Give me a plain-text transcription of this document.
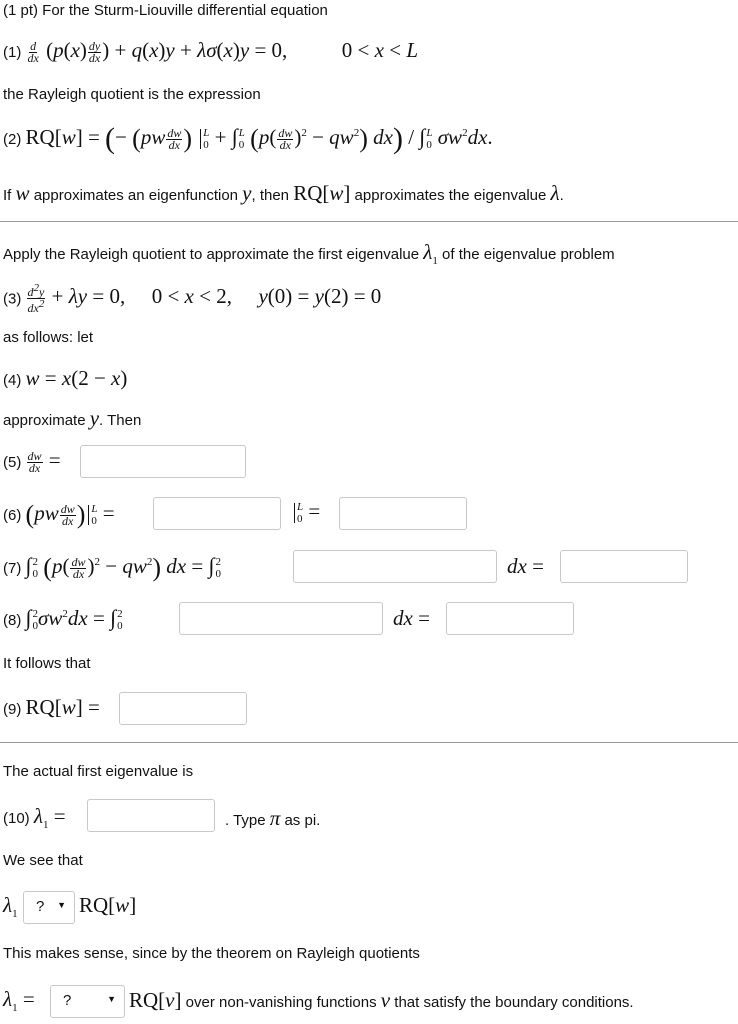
(1 pt) For the Sturm-Liouville differential equation
$(1) \frac{d}{dx} (p(x) \frac{dy}{dx}$ ) + q(x)y + λσ(x)y = 0,	0 < x < L
the Rayleigh quotient is the expression
(2) RQ[w] = (− ($pw \frac{dw}{dx}$ ) L
0 + ∫ L
0 $(p( \frac{dw}{dx} )^2 - qw^2)$ dx) / ∫ L
0 $\sigma w^2dx$.
If w approximates an eigenfunction y, then RQ[w] approximates the eigenvalue λ.
Apply the Rayleigh quotient to approximate the first eigenvalue $\lambda_1$ of the eigenvalue problem
$(3) \frac{d^2y}{dx^2} + \lambda y = 0$, 0 < x < 2, y(0) = y(2) = 0
as follows: let
(4) w = x(2 − x)
approximate y. Then
$(5) \frac{dw}{dx}$ =
(6) ($pw \frac{dw}{dx}$ ) L
0 =	L
0 =
(7) ∫ 2
0 $(p( \frac{dw}{dx} )^2 - qw^2)$ dx = ∫ 2
0	dx =
(8) ∫ 2
0 $\sigma w^2dx$ = ∫ 2
0	dx =
It follows that
(9) RQ[w] =
The actual first eigenvalue is
(10) $\lambda_1$ =	. Type π as pi.
We see that
$\lambda_1$ ? ▼ RQ[w]
This makes sense, since by the theorem on Rayleigh quotients
$\lambda_1$ = ?	▼ RQ[v] over non-vanishing functions v that satisfy the boundary conditions.
